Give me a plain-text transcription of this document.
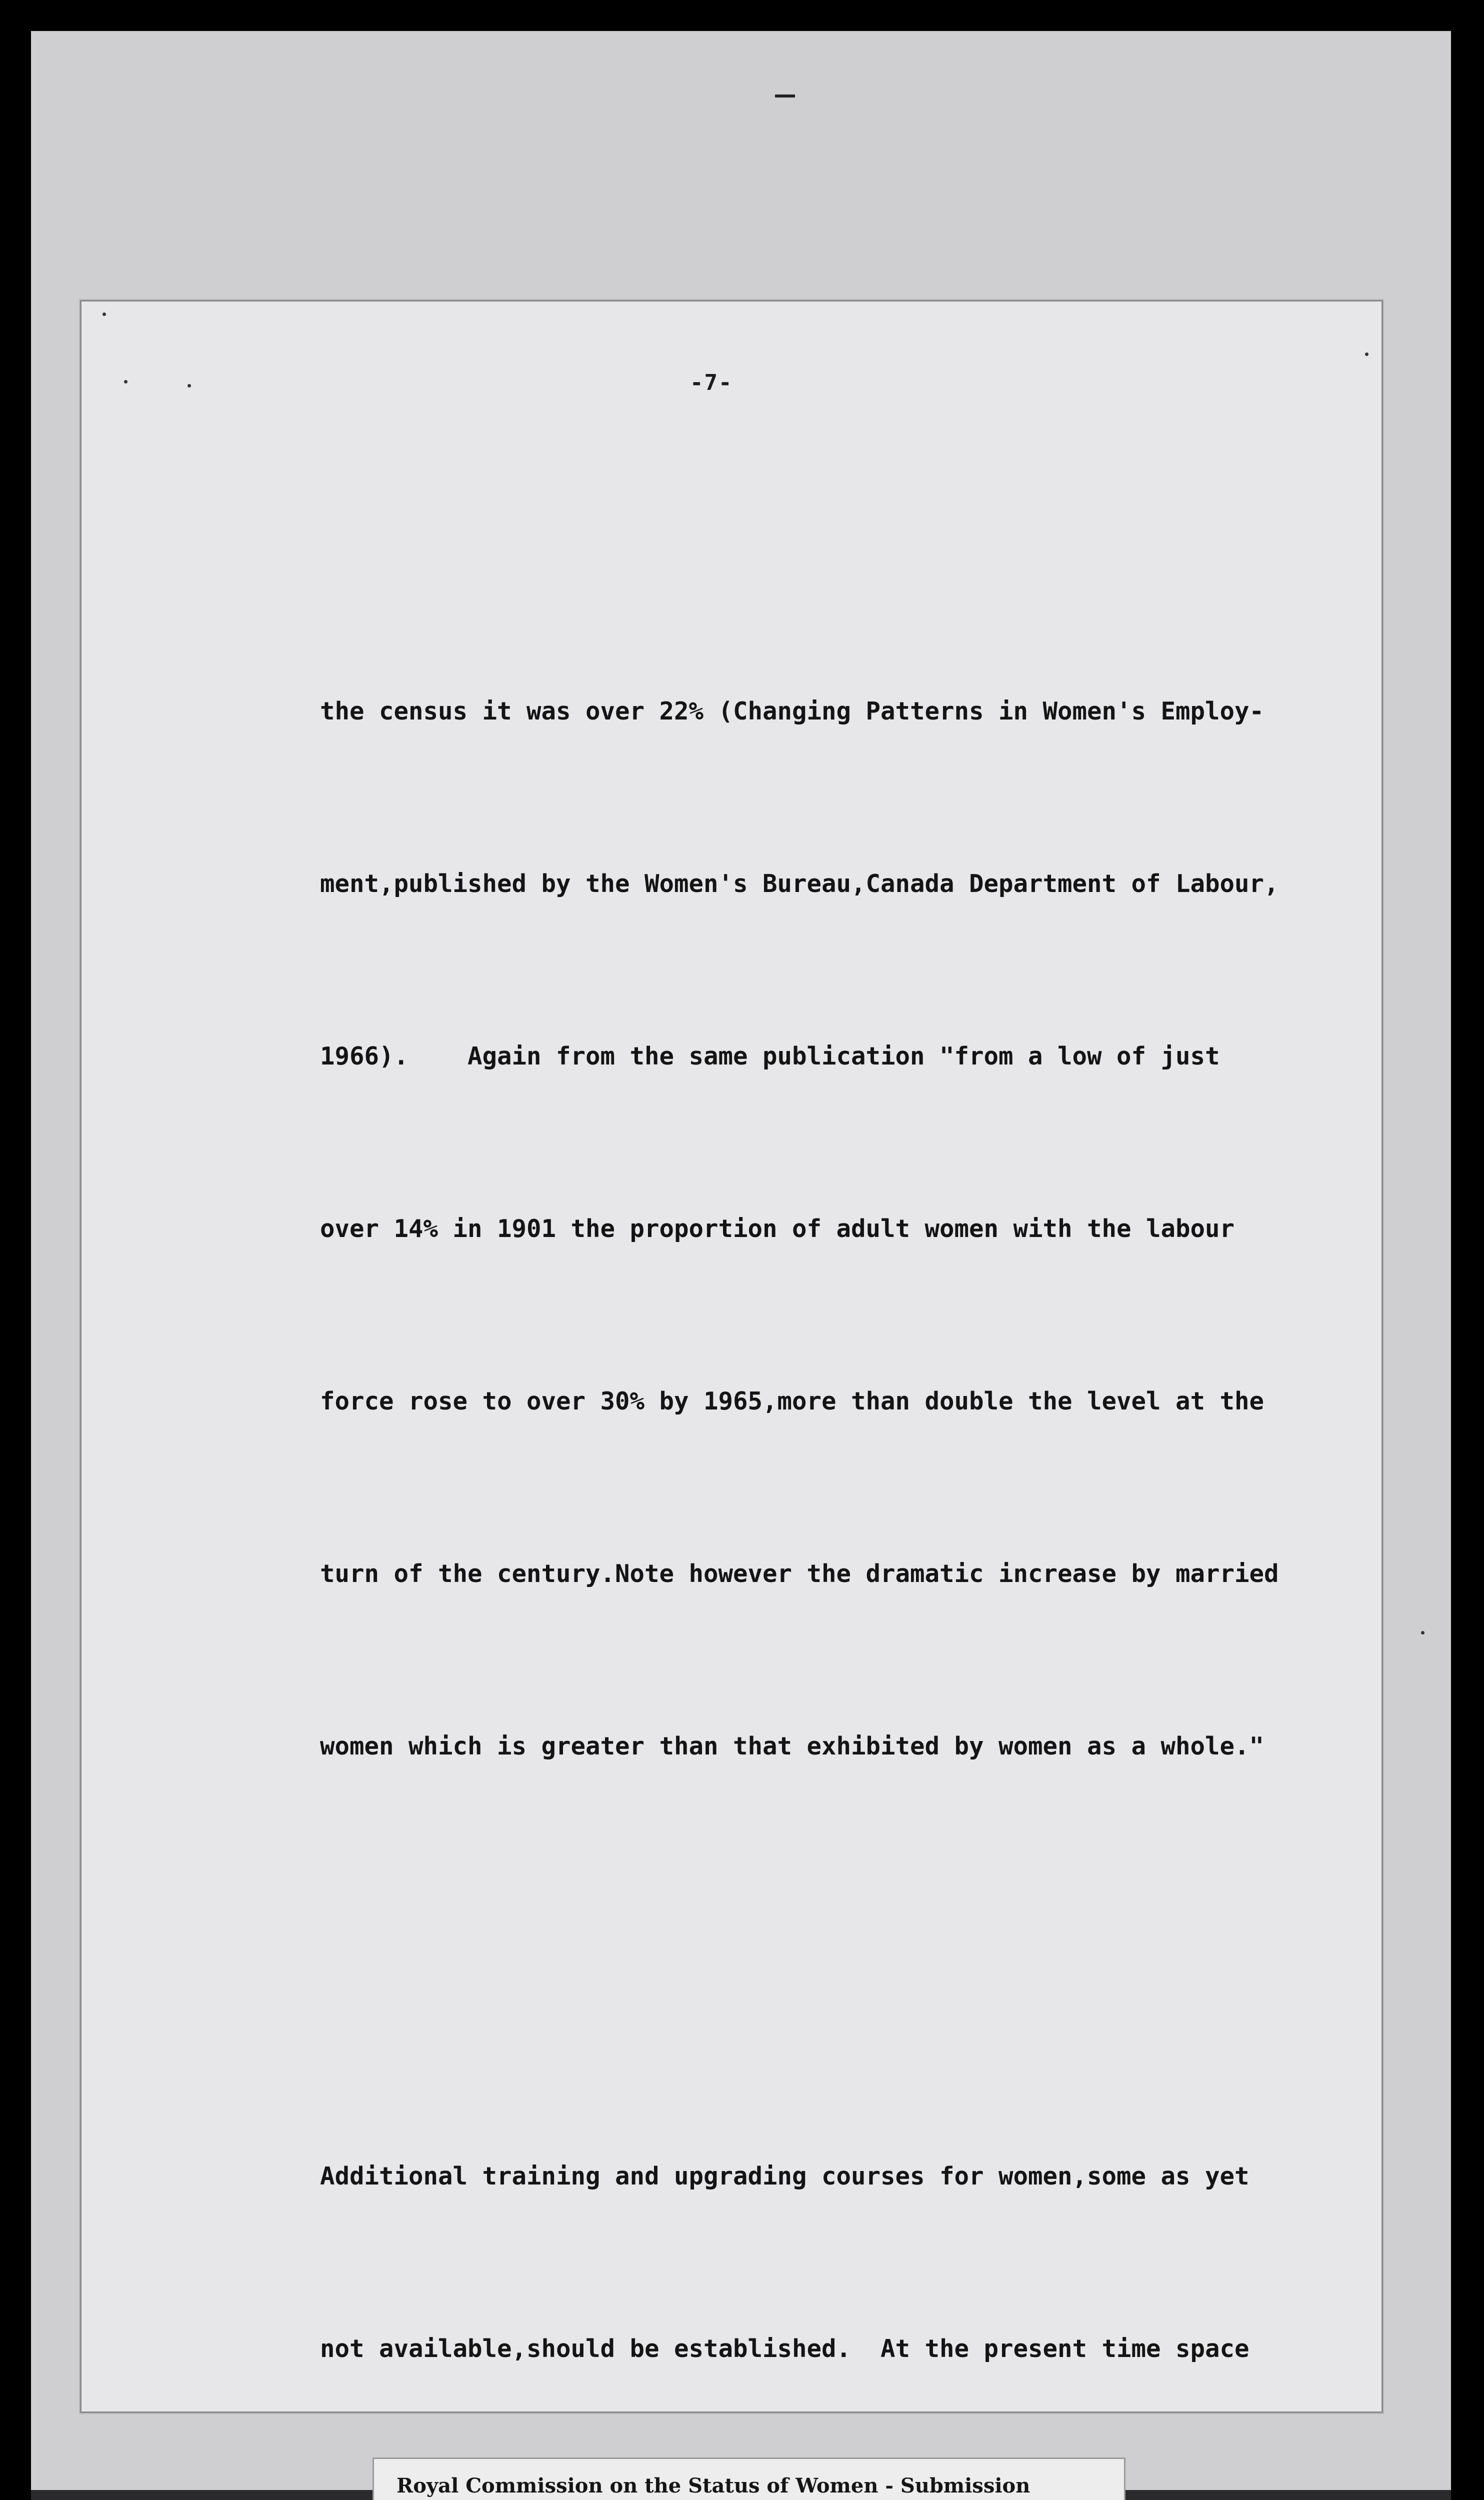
-7-

the census it was over 22% (Changing Patterns in Women's Employ-

ment,published by the Women's Bureau,Canada Department of Labour,

1966).    Again from the same publication "from a low of just

over 14% in 1901 the proportion of adult women with the labour

force rose to over 30% by 1965,more than double the level at the

turn of the century.Note however the dramatic increase by married

women which is greater than that exhibited by women as a whole."

Additional training and upgrading courses for women,some as yet

not available,should be established.  At the present time space

Royal Commission on the Status of Women - Submission
